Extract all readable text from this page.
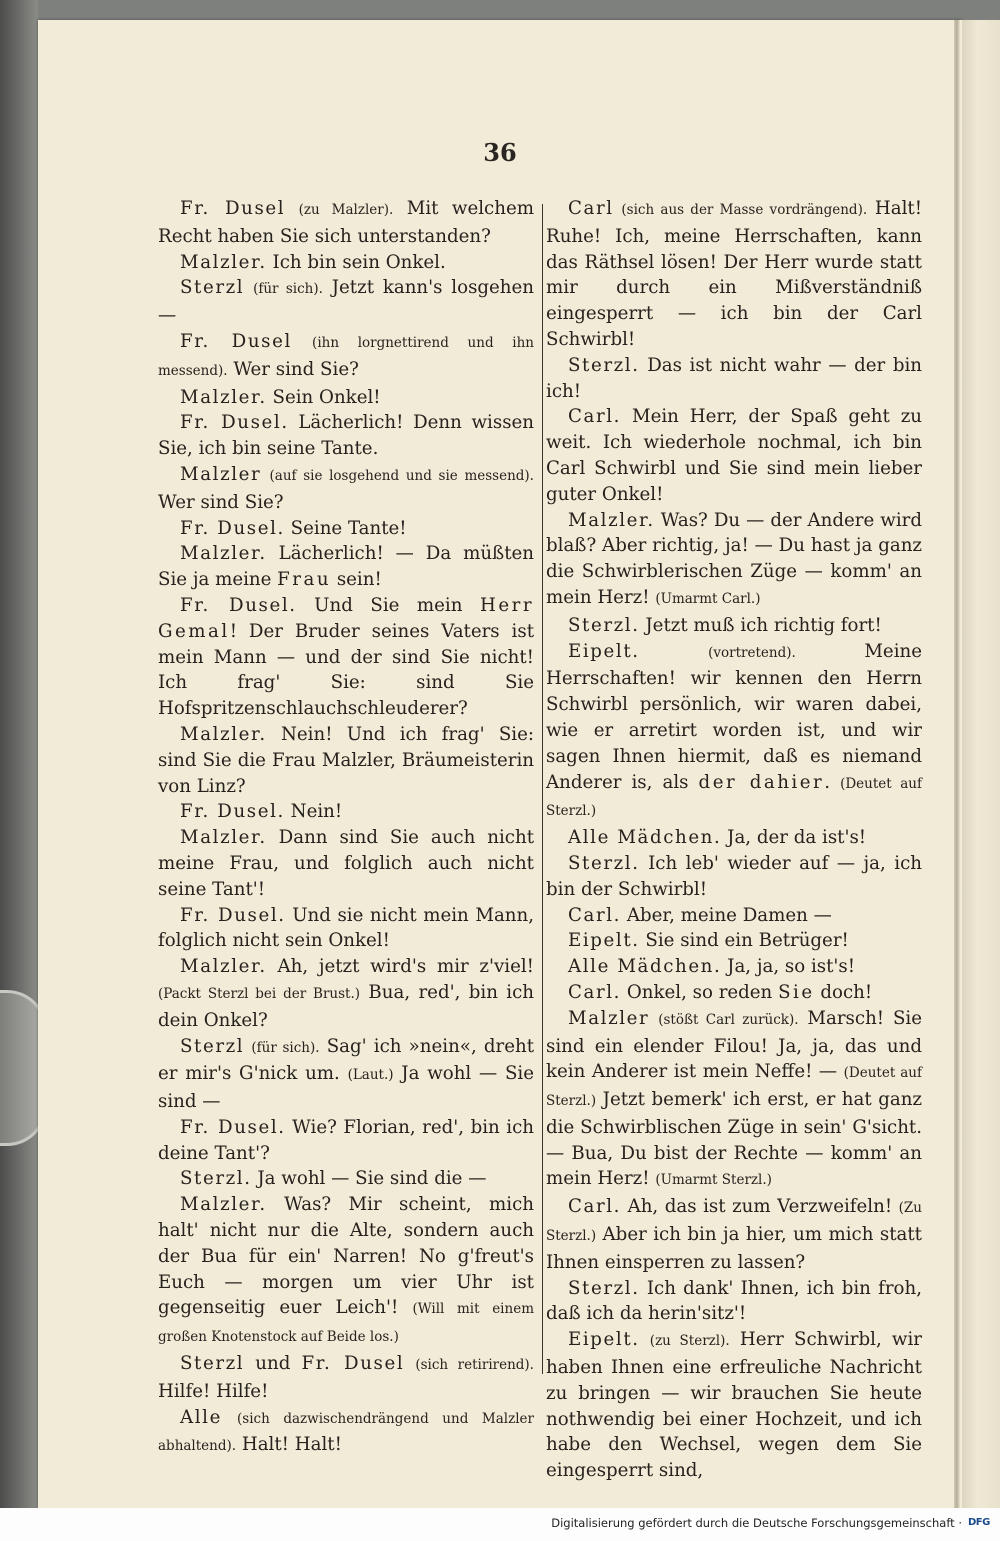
36

Fr. Dusel (zu Malzler). Mit welchem Recht haben Sie sich unterstanden?

Malzler. Ich bin sein Onkel.

Sterzl (für sich). Jetzt kann's losgehen —

Fr. Dusel (ihn lorgnettirend und ihn messend). Wer sind Sie?

Malzler. Sein Onkel!

Fr. Dusel. Lächerlich! Denn wissen Sie, ich bin seine Tante.

Malzler (auf sie losgehend und sie messend). Wer sind Sie?

Fr. Dusel. Seine Tante!

Malzler. Lächerlich! — Da müßten Sie ja meine Frau sein!

Fr. Dusel. Und Sie mein Herr Gemal! Der Bruder seines Vaters ist mein Mann — und der sind Sie nicht! Ich frag' Sie: sind Sie Hofspritzenschlauchschleuderer?

Malzler. Nein! Und ich frag' Sie: sind Sie die Frau Malzler, Bräumeisterin von Linz?

Fr. Dusel. Nein!

Malzler. Dann sind Sie auch nicht meine Frau, und folglich auch nicht seine Tant'!

Fr. Dusel. Und sie nicht mein Mann, folglich nicht sein Onkel!

Malzler. Ah, jetzt wird's mir z'viel! (Packt Sterzl bei der Brust.) Bua, red', bin ich dein Onkel?

Sterzl (für sich). Sag' ich »nein«, dreht er mir's G'nick um. (Laut.) Ja wohl — Sie sind —

Fr. Dusel. Wie? Florian, red', bin ich deine Tant'?

Sterzl. Ja wohl — Sie sind die —

Malzler. Was? Mir scheint, mich halt' nicht nur die Alte, sondern auch der Bua für ein' Narren! No g'freut's Euch — morgen um vier Uhr ist gegenseitig euer Leich'! (Will mit einem großen Knotenstock auf Beide los.)

Sterzl und Fr. Dusel (sich retirirend). Hilfe! Hilfe!

Alle (sich dazwischendrängend und Malzler abhaltend). Halt! Halt!

Carl (sich aus der Masse vordrängend). Halt! Ruhe! Ich, meine Herrschaften, kann das Räthsel lösen! Der Herr wurde statt mir durch ein Mißverständniß eingesperrt — ich bin der Carl Schwirbl!

Sterzl. Das ist nicht wahr — der bin ich!

Carl. Mein Herr, der Spaß geht zu weit. Ich wiederhole nochmal, ich bin Carl Schwirbl und Sie sind mein lieber guter Onkel!

Malzler. Was? Du — der Andere wird blaß? Aber richtig, ja! — Du hast ja ganz die Schwirblerischen Züge — komm' an mein Herz! (Umarmt Carl.)

Sterzl. Jetzt muß ich richtig fort!

Eipelt.	(vortretend). Meine Herrschaften! wir kennen den Herrn Schwirbl persönlich, wir waren dabei, wie er arretirt worden ist, und wir sagen Ihnen hiermit, daß es niemand Anderer is, als der dahier. (Deutet auf Sterzl.)

Alle Mädchen. Ja, der da ist's!

Sterzl. Ich leb' wieder auf — ja, ich bin der Schwirbl!

Carl. Aber, meine Damen —

Eipelt. Sie sind ein Betrüger!

Alle Mädchen. Ja, ja, so ist's!

Carl. Onkel, so reden Sie doch!

Malzler (stößt Carl zurück). Marsch! Sie sind ein elender Filou! Ja, ja, das und kein Anderer ist mein Neffe! — (Deutet auf Sterzl.) Jetzt bemerk' ich erst, er hat ganz die Schwirblischen Züge in sein' G'sicht. — Bua, Du bist der Rechte — komm' an mein Herz! (Umarmt Sterzl.)

Carl. Ah, das ist zum Verzweifeln! (Zu Sterzl.) Aber ich bin ja hier, um mich statt Ihnen einsperren zu lassen?

Sterzl. Ich dank' Ihnen, ich bin froh, daß ich da herin'sitz'!

Eipelt. (zu Sterzl). Herr Schwirbl, wir haben Ihnen eine erfreuliche Nachricht zu bringen — wir brauchen Sie heute nothwendig bei einer Hochzeit, und ich habe den Wechsel, wegen dem Sie eingesperrt sind,

Digitalisierung gefördert durch die Deutsche Forschungsgemeinschaft · DFG
